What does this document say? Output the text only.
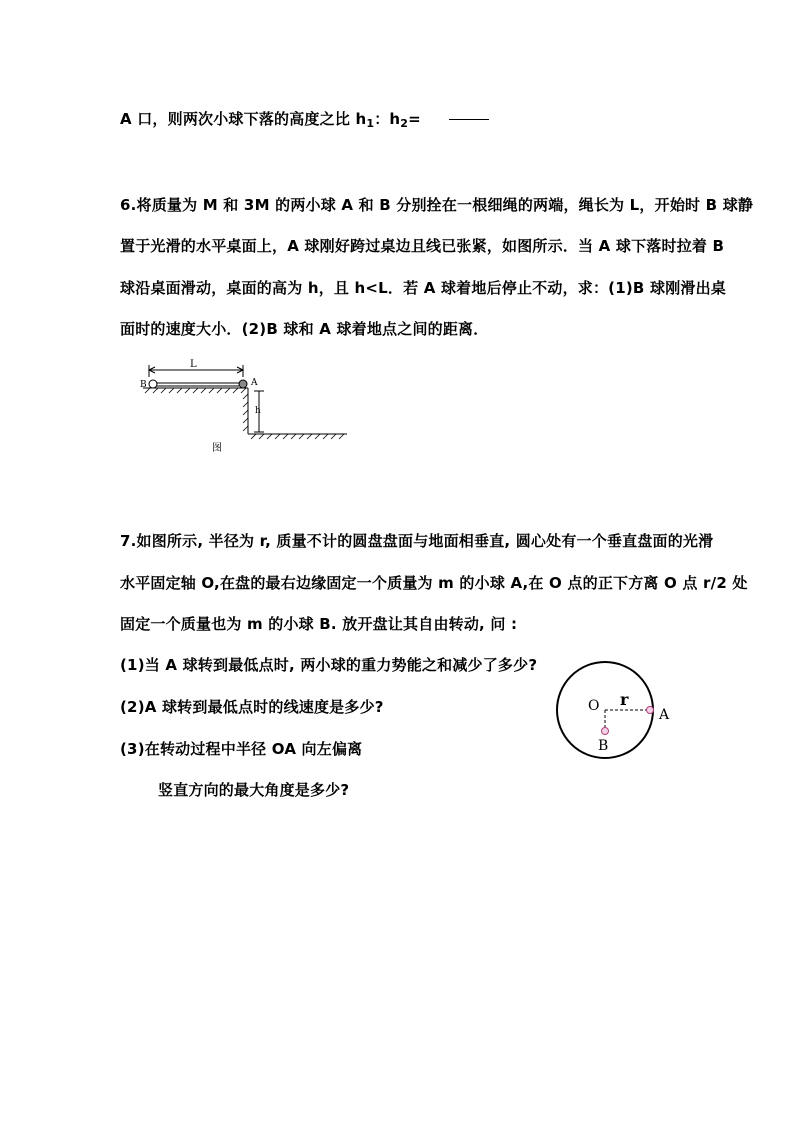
A 口，则两次小球下落的高度之比 $h_1$：$h_2=$
6.将质量为 M 和 3M 的两小球 A 和 B 分别拴在一根细绳的两端，绳长为 L，开始时 B 球静
置于光滑的水平桌面上，A 球刚好跨过桌边且线已张紧，如图所示．当 A 球下落时拉着 B
球沿桌面滑动，桌面的高为 h，且 h<L．若 A 球着地后停止不动，求：(1)B 球刚滑出桌
面时的速度大小．(2)B 球和 A 球着地点之间的距离．
L
B	A
h
图
7.如图所示, 半径为 r, 质量不计的圆盘盘面与地面相垂直, 圆心处有一个垂直盘面的光滑
水平固定轴 O,在盘的最右边缘固定一个质量为 m 的小球 A,在 O 点的正下方离 O 点 r/2 处
固定一个质量也为 m 的小球 B. 放开盘让其自由转动, 问 :
(1)当 A 球转到最低点时, 两小球的重力势能之和减少了多少?
(2)A 球转到最低点时的线速度是多少?
(3)在转动过程中半径 OA 向左偏离
竖直方向的最大角度是多少?
O r
A
B
